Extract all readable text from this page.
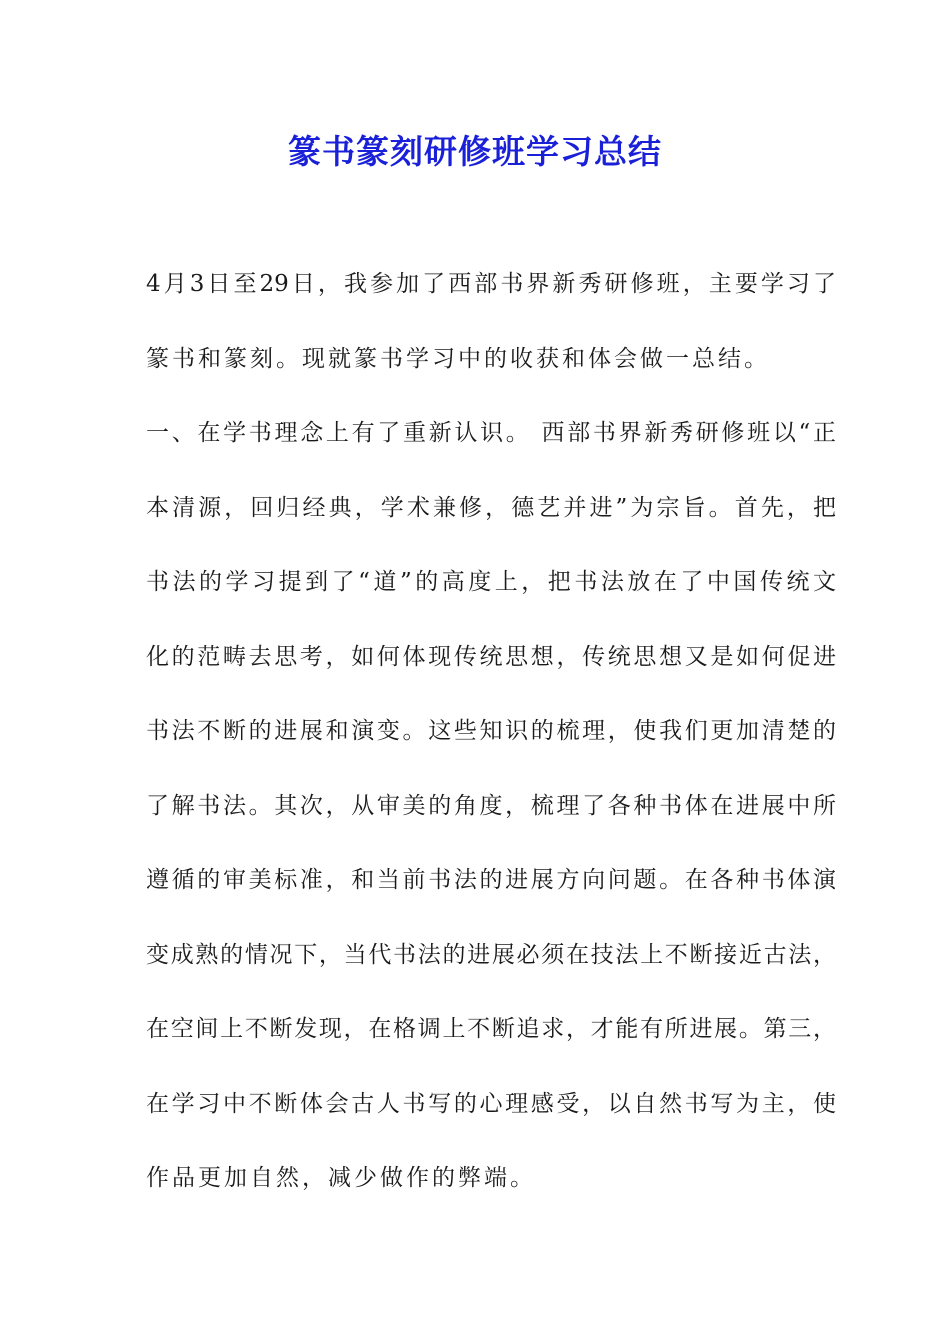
篆书篆刻研修班学习总结
4月3日至29日，我参加了西部书界新秀研修班，主要学习了
篆书和篆刻。现就篆书学习中的收获和体会做一总结。
一、在学书理念上有了重新认识。 西部书界新秀研修班以“正
本清源，回归经典，学术兼修，德艺并进”为宗旨。首先，把
书法的学习提到了“道”的高度上，把书法放在了中国传统文
化的范畴去思考，如何体现传统思想，传统思想又是如何促进
书法不断的进展和演变。这些知识的梳理，使我们更加清楚的
了解书法。其次，从审美的角度，梳理了各种书体在进展中所
遵循的审美标准，和当前书法的进展方向问题。在各种书体演
变成熟的情况下，当代书法的进展必须在技法上不断接近古法，
在空间上不断发现，在格调上不断追求，才能有所进展。第三，
在学习中不断体会古人书写的心理感受，以自然书写为主，使
作品更加自然，减少做作的弊端。
